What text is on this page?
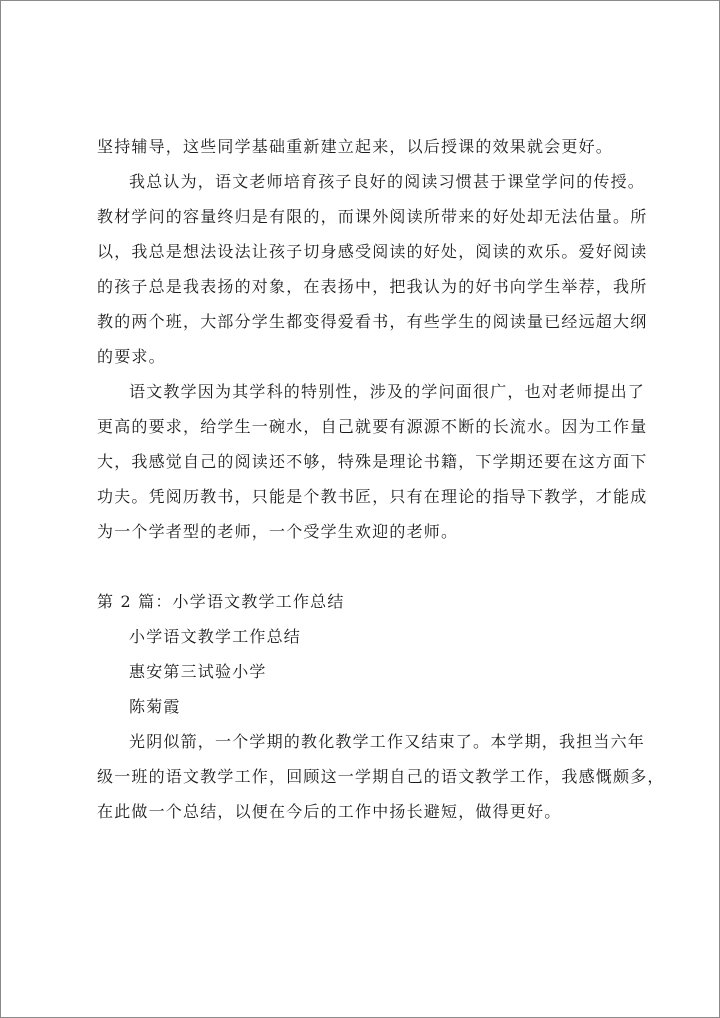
坚持辅导，这些同学基础重新建立起来，以后授课的效果就会更好。
我总认为，语文老师培育孩子良好的阅读习惯甚于课堂学问的传授。
教材学问的容量终归是有限的，而课外阅读所带来的好处却无法估量。所
以，我总是想法设法让孩子切身感受阅读的好处，阅读的欢乐。爱好阅读
的孩子总是我表扬的对象，在表扬中，把我认为的好书向学生举荐，我所
教的两个班，大部分学生都变得爱看书，有些学生的阅读量已经远超大纲
的要求。
语文教学因为其学科的特别性，涉及的学问面很广，也对老师提出了
更高的要求，给学生一碗水，自己就要有源源不断的长流水。因为工作量
大，我感觉自己的阅读还不够，特殊是理论书籍，下学期还要在这方面下
功夫。凭阅历教书，只能是个教书匠，只有在理论的指导下教学，才能成
为一个学者型的老师，一个受学生欢迎的老师。
第 2 篇：小学语文教学工作总结
小学语文教学工作总结
惠安第三试验小学
陈菊霞
光阴似箭，一个学期的教化教学工作又结束了。本学期，我担当六年
级一班的语文教学工作，回顾这一学期自己的语文教学工作，我感慨颇多，
在此做一个总结，以便在今后的工作中扬长避短，做得更好。
